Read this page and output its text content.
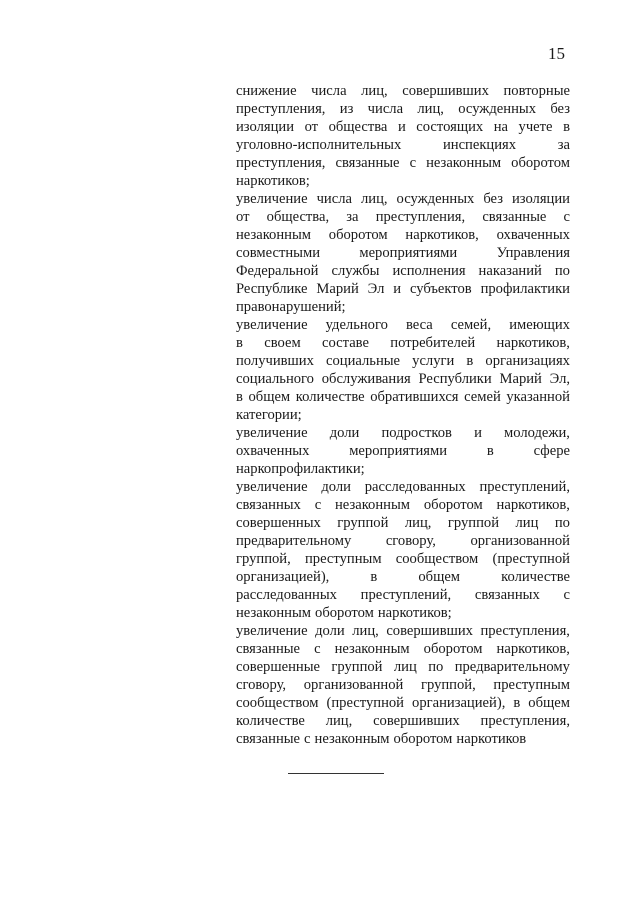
15
снижение числа лиц, совершивших повторные
преступления, из числа лиц, осужденных без
изоляции от общества и состоящих на учете в
уголовно-исполнительных	инспекциях	за
преступления, связанные с незаконным оборотом
наркотиков;
увеличение числа лиц, осужденных без изоляции
от общества, за преступления, связанные с
незаконным оборотом наркотиков, охваченных
совместными	мероприятиями	Управления
Федеральной службы исполнения наказаний по
Республике Марий Эл и субъектов профилактики
правонарушений;
увеличение удельного веса семей, имеющих
в своем составе потребителей наркотиков,
получивших социальные услуги в организациях
социального обслуживания Республики Марий Эл,
в общем количестве обратившихся семей указанной
категории;
увеличение доли подростков и молодежи,
охваченных	мероприятиями	в	сфере
наркопрофилактики;
увеличение доли расследованных преступлений,
связанных с незаконным оборотом наркотиков,
совершенных группой лиц, группой лиц по
предварительному сговору, организованной
группой, преступным сообществом (преступной
организацией),	в	общем	количестве
расследованных преступлений, связанных с
незаконным оборотом наркотиков;
увеличение доли лиц, совершивших преступления,
связанные с незаконным оборотом наркотиков,
совершенные группой лиц по предварительному
сговору, организованной группой, преступным
сообществом (преступной организацией), в общем
количестве лиц, совершивших преступления,
связанные с незаконным оборотом наркотиков
